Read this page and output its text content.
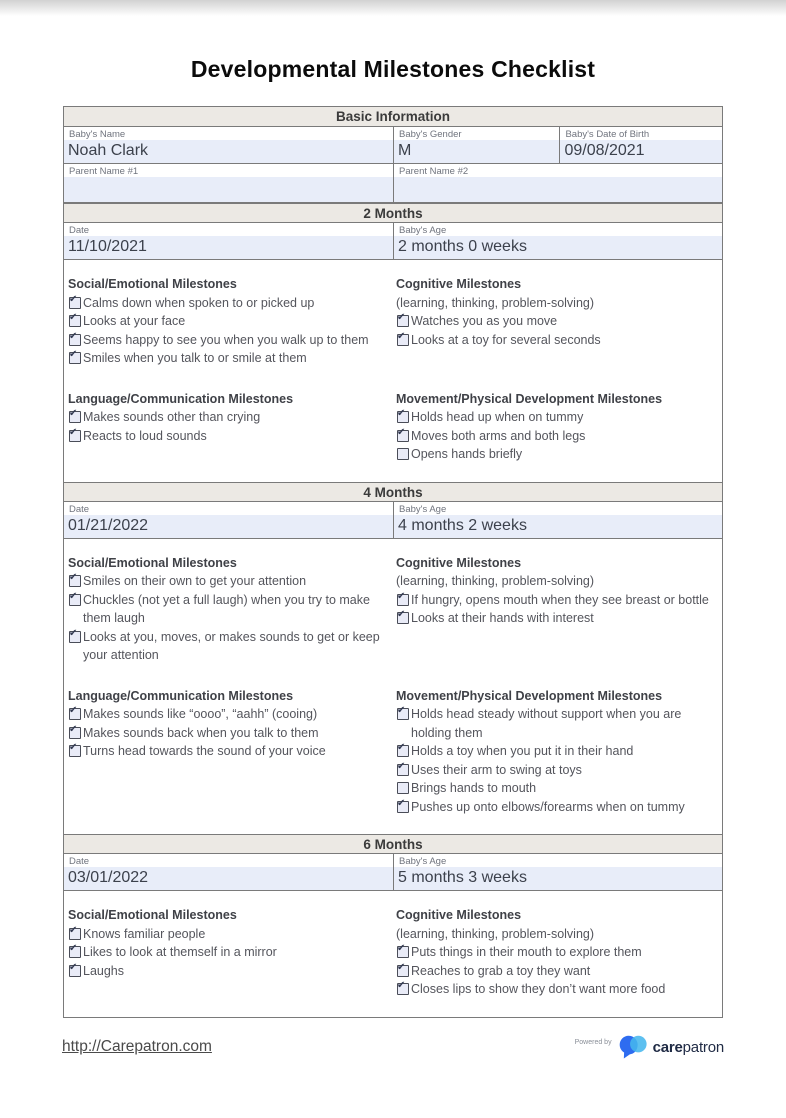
Developmental Milestones Checklist
Basic Information
Baby's Name
Noah Clark
Baby's Gender
M
Baby's Date of Birth
09/08/2021
Parent Name #1	Parent Name #2
2 Months
Date
11/10/2021
Baby's Age
2 months 0 weeks
Social/Emotional Milestones
✔ Calms down when spoken to or picked up
✔ Looks at your face
✔ Seems happy to see you when you walk up to them
✔ Smiles when you talk to or smile at them
Cognitive Milestones
(learning, thinking, problem-solving)
✔ Watches you as you move
✔ Looks at a toy for several seconds
Language/Communication Milestones
✔ Makes sounds other than crying
✔ Reacts to loud sounds
Movement/Physical Development Milestones
✔ Holds head up when on tummy
✔ Moves both arms and both legs
Opens hands briefly
4 Months
Date
01/21/2022
Baby's Age
4 months 2 weeks
Social/Emotional Milestones
✔ Smiles on their own to get your attention
✔ Chuckles (not yet a full laugh) when you try to make them laugh
✔ Looks at you, moves, or makes sounds to get or keep your attention
Cognitive Milestones
(learning, thinking, problem-solving)
✔ If hungry, opens mouth when they see breast or bottle
✔ Looks at their hands with interest
Language/Communication Milestones
✔ Makes sounds like “oooo”, “aahh” (cooing)
✔ Makes sounds back when you talk to them
✔ Turns head towards the sound of your voice
Movement/Physical Development Milestones
✔ Holds head steady without support when you are holding them
✔ Holds a toy when you put it in their hand
✔ Uses their arm to swing at toys
Brings hands to mouth
✔ Pushes up onto elbows/forearms when on tummy
6 Months
Date
03/01/2022
Baby's Age
5 months 3 weeks
Social/Emotional Milestones
✔ Knows familiar people
✔ Likes to look at themself in a mirror
✔ Laughs
Cognitive Milestones
(learning, thinking, problem-solving)
✔ Puts things in their mouth to explore them
✔ Reaches to grab a toy they want
✔ Closes lips to show they don’t want more food
http://Carepatron.com	Powered by	carepatron
